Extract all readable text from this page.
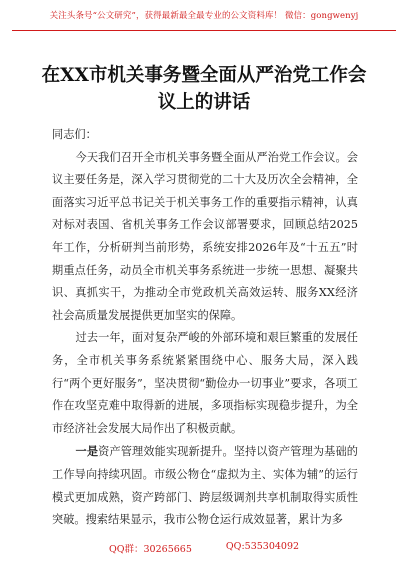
关注头条号“公文研究”，获得最新最全最专业的公文资料库！ 微信：gongwenyj
在XX市机关事务暨全面从严治党工作会
议上的讲话

同志们：

今天我们召开全市机关事务暨全面从严治党工作会议。会议主要任务是，深入学习贯彻党的二十大及历次全会精神，全面落实习近平总书记关于机关事务工作的重要指示精神，认真对标对表国、省机关事务工作会议部署要求，回顾总结2025年工作，分析研判当前形势，系统安排2026年及“十五五”时期重点任务，动员全市机关事务系统进一步统一思想、凝聚共识、真抓实干，为推动全市党政机关高效运转、服务XX经济社会高质量发展提供更加坚实的保障。

过去一年，面对复杂严峻的外部环境和艰巨繁重的发展任务，全市机关事务系统紧紧围绕中心、服务大局，深入践行“两个更好服务”，坚决贯彻“勤俭办一切事业”要求，各项工作在攻坚克难中取得新的进展，多项指标实现稳步提升，为全市经济社会发展大局作出了积极贡献。

一是资产管理效能实现新提升。坚持以资产管理为基础的工作导向持续巩固。市级公物仓“虚拟为主、实体为辅”的运行模式更加成熟，资产跨部门、跨层级调剂共享机制取得实质性突破。搜索结果显示，我市公物仓运行成效显著，累计为多

QQ群：30265665	QQ:535304092
